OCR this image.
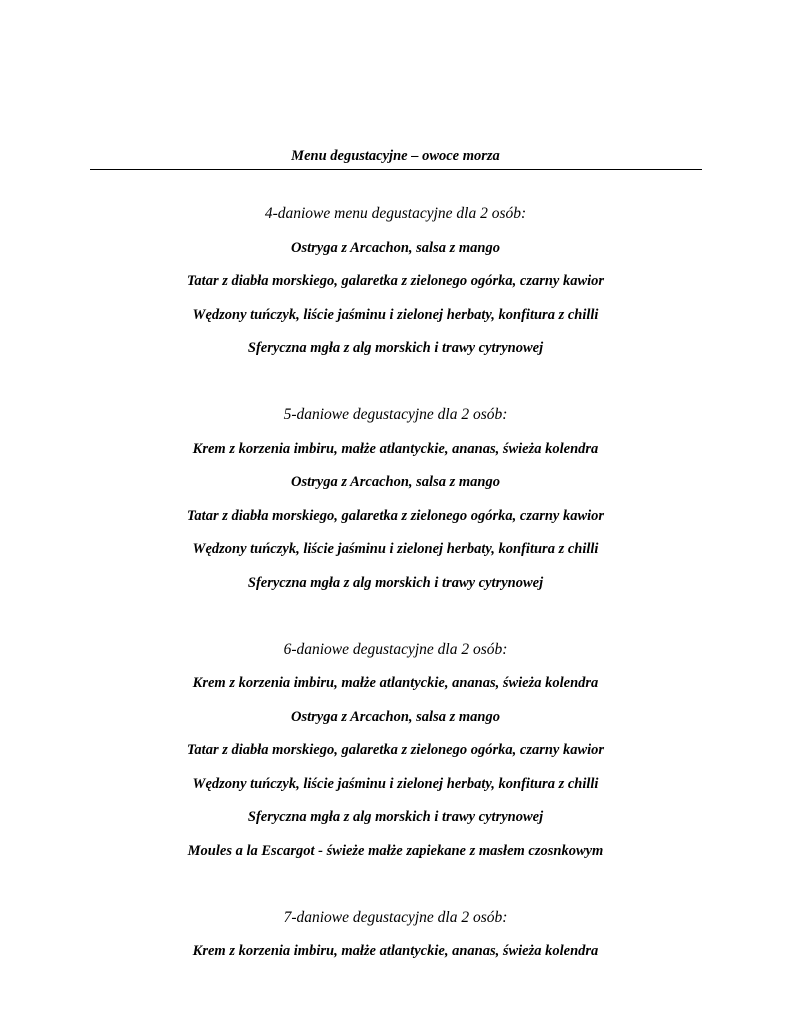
Menu degustacyjne – owoce morza
4-daniowe menu degustacyjne dla 2 osób:
Ostryga z Arcachon, salsa z mango
Tatar z diabła morskiego, galaretka z zielonego ogórka, czarny kawior
Wędzony tuńczyk, liście jaśminu i zielonej herbaty, konfitura z chilli
Sferyczna mgła z alg morskich i trawy cytrynowej
5-daniowe degustacyjne dla 2 osób:
Krem z korzenia imbiru, małże atlantyckie, ananas, świeża kolendra
Ostryga z Arcachon, salsa z mango
Tatar z diabła morskiego, galaretka z zielonego ogórka, czarny kawior
Wędzony tuńczyk, liście jaśminu i zielonej herbaty, konfitura z chilli
Sferyczna mgła z alg morskich i trawy cytrynowej
6-daniowe degustacyjne dla 2 osób:
Krem z korzenia imbiru, małże atlantyckie, ananas, świeża kolendra
Ostryga z Arcachon, salsa z mango
Tatar z diabła morskiego, galaretka z zielonego ogórka, czarny kawior
Wędzony tuńczyk, liście jaśminu i zielonej herbaty, konfitura z chilli
Sferyczna mgła z alg morskich i trawy cytrynowej
Moules a la Escargot - świeże małże zapiekane z masłem czosnkowym
7-daniowe degustacyjne dla 2 osób:
Krem z korzenia imbiru, małże atlantyckie, ananas, świeża kolendra
